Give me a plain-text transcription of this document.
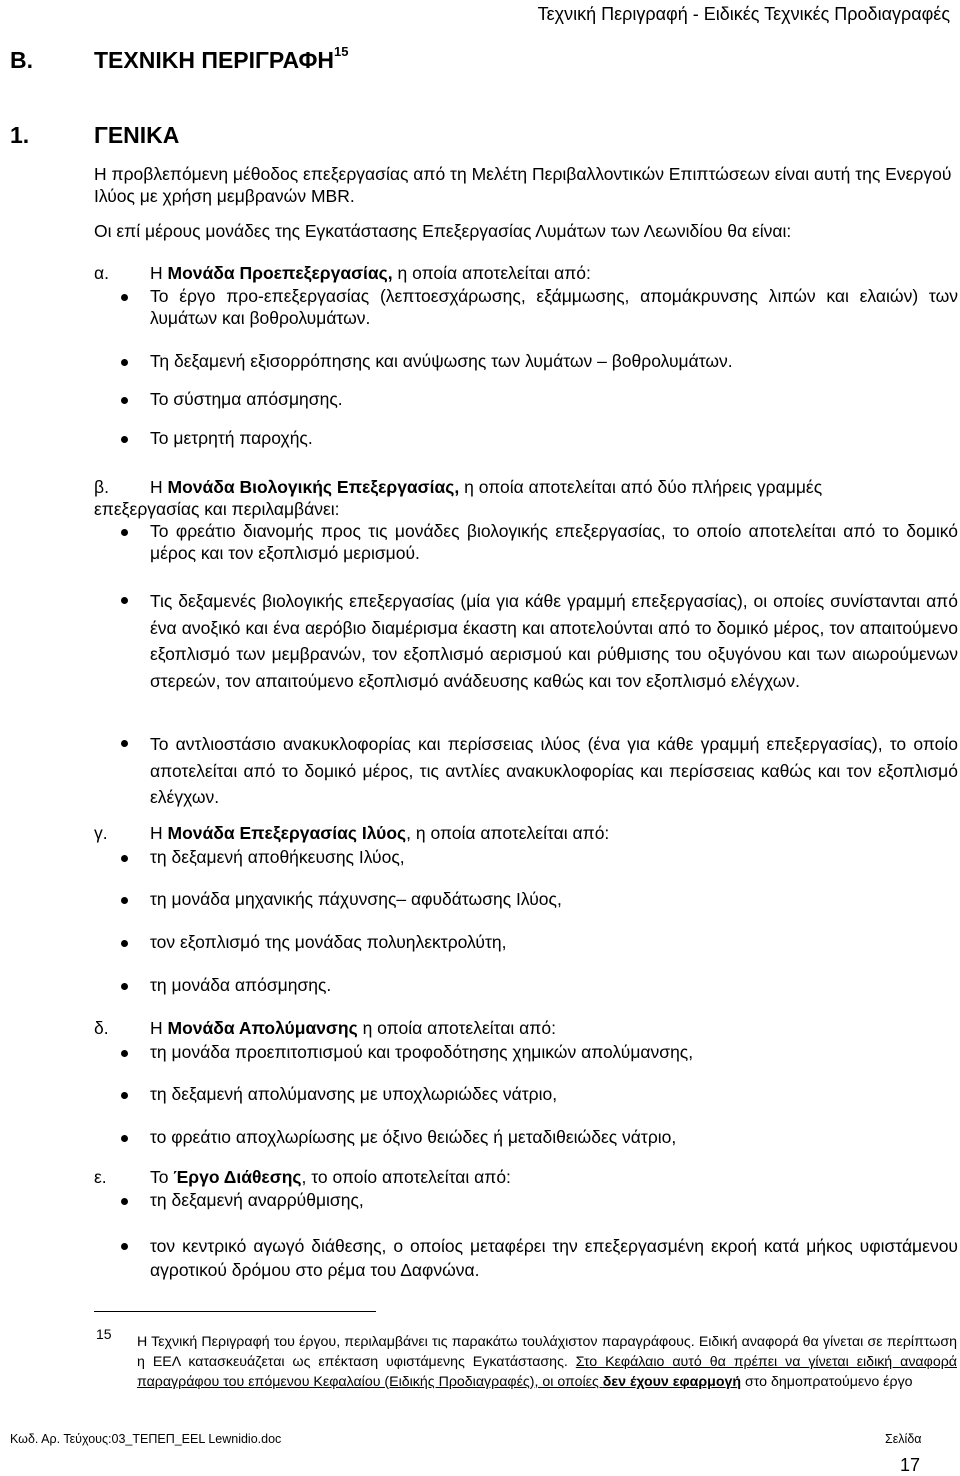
Τεχνική Περιγραφή - Ειδικές Τεχνικές Προδιαγραφές
Β.	ΤΕΧΝΙΚΗ ΠΕΡΙΓΡΑΦΗ$^{15}$
1.	ΓΕΝΙΚΑ
Η προβλεπόμενη μέθοδος επεξεργασίας από τη Μελέτη Περιβαλλοντικών Επιπτώσεων είναι αυτή της Ενεργού Ιλύος με χρήση μεμβρανών MBR.
Οι επί μέρους μονάδες της Εγκατάστασης Επεξεργασίας Λυμάτων των Λεωνιδίου θα είναι:
α. Η Μονάδα Προεπεξεργασίας, η οποία αποτελείται από:
Το έργο προ-επεξεργασίας (λεπτοεσχάρωσης, εξάμμωσης, απομάκρυνσης λιπών και ελαιών) των λυμάτων και βοθρολυμάτων.
Τη δεξαμενή εξισορρόπησης και ανύψωσης των λυμάτων – βοθρολυμάτων.
Το σύστημα απόσμησης.
Το μετρητή παροχής.
β. Η Μονάδα Βιολογικής Επεξεργασίας, η οποία αποτελείται από δύο πλήρεις γραμμές
επεξεργασίας και περιλαμβάνει:
Το φρεάτιο διανομής προς τις μονάδες βιολογικής επεξεργασίας, το οποίο αποτελείται από το δομικό μέρος και τον εξοπλισμό μερισμού.
Τις δεξαμενές βιολογικής επεξεργασίας (μία για κάθε γραμμή επεξεργασίας), οι οποίες συνίστανται από ένα ανοξικό και ένα αερόβιο διαμέρισμα έκαστη και αποτελούνται από το δομικό μέρος, τον απαιτούμενο εξοπλισμό των μεμβρανών, τον εξοπλισμό αερισμού και ρύθμισης του οξυγόνου και των αιωρούμενων στερεών, τον απαιτούμενο εξοπλισμό ανάδευσης καθώς και τον εξοπλισμό ελέγχων.
Το αντλιοστάσιο ανακυκλοφορίας και περίσσειας ιλύος (ένα για κάθε γραμμή επεξεργασίας), το οποίο αποτελείται από το δομικό μέρος, τις αντλίες ανακυκλοφορίας και περίσσειας καθώς και τον εξοπλισμό ελέγχων.
γ. Η Μονάδα Επεξεργασίας Ιλύος, η οποία αποτελείται από:
τη δεξαμενή αποθήκευσης Ιλύος,
τη μονάδα μηχανικής πάχυνσης– αφυδάτωσης Ιλύος,
τον εξοπλισμό της μονάδας πολυηλεκτρολύτη,
τη μονάδα απόσμησης.
δ. Η Μονάδα Απολύμανσης η οποία αποτελείται από:
τη μονάδα προεπιτοπισμού και τροφοδότησης χημικών απολύμανσης,
τη δεξαμενή απολύμανσης με υποχλωριώδες νάτριο,
το φρεάτιο αποχλωρίωσης με όξινο θειώδες ή μεταδιθειώδες νάτριο,
ε. Το Έργο Διάθεσης, το οποίο αποτελείται από:
τη δεξαμενή αναρρύθμισης,
τον κεντρικό αγωγό διάθεσης, ο οποίος μεταφέρει την επεξεργασμένη εκροή κατά μήκος υφιστάμενου αγροτικού δρόμου στο ρέμα του Δαφνώνα.
15 Η Τεχνική Περιγραφή του έργου, περιλαμβάνει τις παρακάτω τουλάχιστον παραγράφους. Ειδική αναφορά θα γίνεται σε περίπτωση η ΕΕΛ κατασκευάζεται ως επέκταση υφιστάμενης Εγκατάστασης. Στο Κεφάλαιο αυτό θα πρέπει να γίνεται ειδική αναφορά παραγράφου του επόμενου Κεφαλαίου (Ειδικής Προδιαγραφές), οι οποίες δεν έχουν εφαρμογή στο δημοπρατούμενο έργο
Κωδ. Αρ. Τεύχους:03_ΤΕΠΕΠ_ΕΕL Lewnidio.doc	Σελίδα
17
